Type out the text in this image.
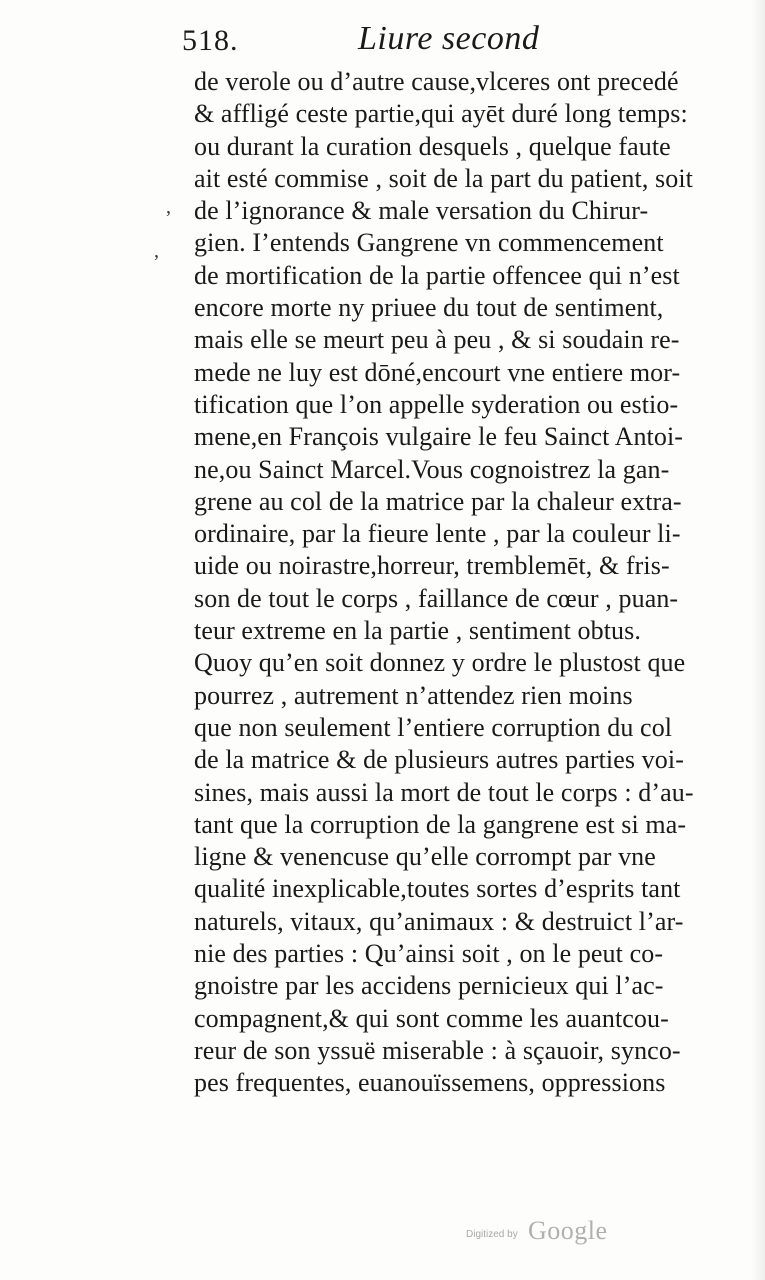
518.	Liure second
,
,
de verole ou d’autre cause,vlceres ont precedé
& affligé ceste partie,qui ayēt duré long temps:
ou durant la curation desquels , quelque faute
ait esté commise , soit de la part du patient, soit
de l’ignorance & male versation du Chirur-
gien. I’entends Gangrene vn commencement
de mortification de la partie offencee qui n’est
encore morte ny priuee du tout de sentiment,
mais elle se meurt peu à peu , & si soudain re-
mede ne luy est dōné,encourt vne entiere mor-
tification que l’on appelle syderation ou estio-
mene,en François vulgaire le feu Sainct Antoi-
ne,ou Sainct Marcel.Vous cognoistrez la gan-
grene au col de la matrice par la chaleur extra-
ordinaire, par la fieure lente , par la couleur li-
uide ou noirastre,horreur, tremblemēt, & fris-
son de tout le corps , faillance de cœur , puan-
teur extreme en la partie , sentiment obtus.
Quoy qu’en soit donnez y ordre le plustost que
pourrez , autrement n’attendez rien moins
que non seulement l’entiere corruption du col
de la matrice & de plusieurs autres parties voi-
sines, mais aussi la mort de tout le corps : d’au-
tant que la corruption de la gangrene est si ma-
ligne & venencuse qu’elle corrompt par vne
qualité inexplicable,toutes sortes d’esprits tant
naturels, vitaux, qu’animaux : & destruict l’ar-
nie des parties : Qu’ainsi soit , on le peut co-
gnoistre par les accidens pernicieux qui l’ac-
compagnent,& qui sont comme les auantcou-
reur de son yssuë miserable : à sçauoir, synco-
pes frequentes, euanouïssemens, oppressions
Digitized by Google
